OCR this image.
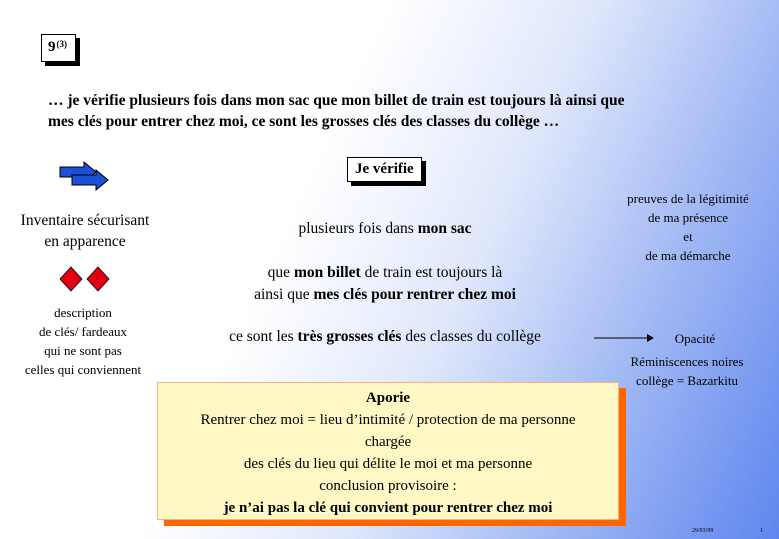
9$^{(3)}$
… je vérifie plusieurs fois dans mon sac que mon billet de train est toujours là ainsi que
mes clés pour entrer chez moi, ce sont les grosses clés des classes du collège …
Je vérifie
Inventaire sécurisant
en apparence
description
de clés/ fardeaux
qui ne sont pas
celles qui conviennent
plusieurs fois dans mon sac
que mon billet de train est toujours là
ainsi que mes clés pour rentrer chez moi
ce sont les très grosses clés des classes du collège
preuves de la légitimité
de ma présence
et
de ma démarche
Opacité
Réminiscences noires
collège = Bazarkitu
Aporie
Rentrer chez moi = lieu d’intimité / protection de ma personne
chargée
des clés du lieu qui délite le moi et ma personne
conclusion provisoire :
je n’ai pas la clé qui convient pour rentrer chez moi
29/03/99	1
